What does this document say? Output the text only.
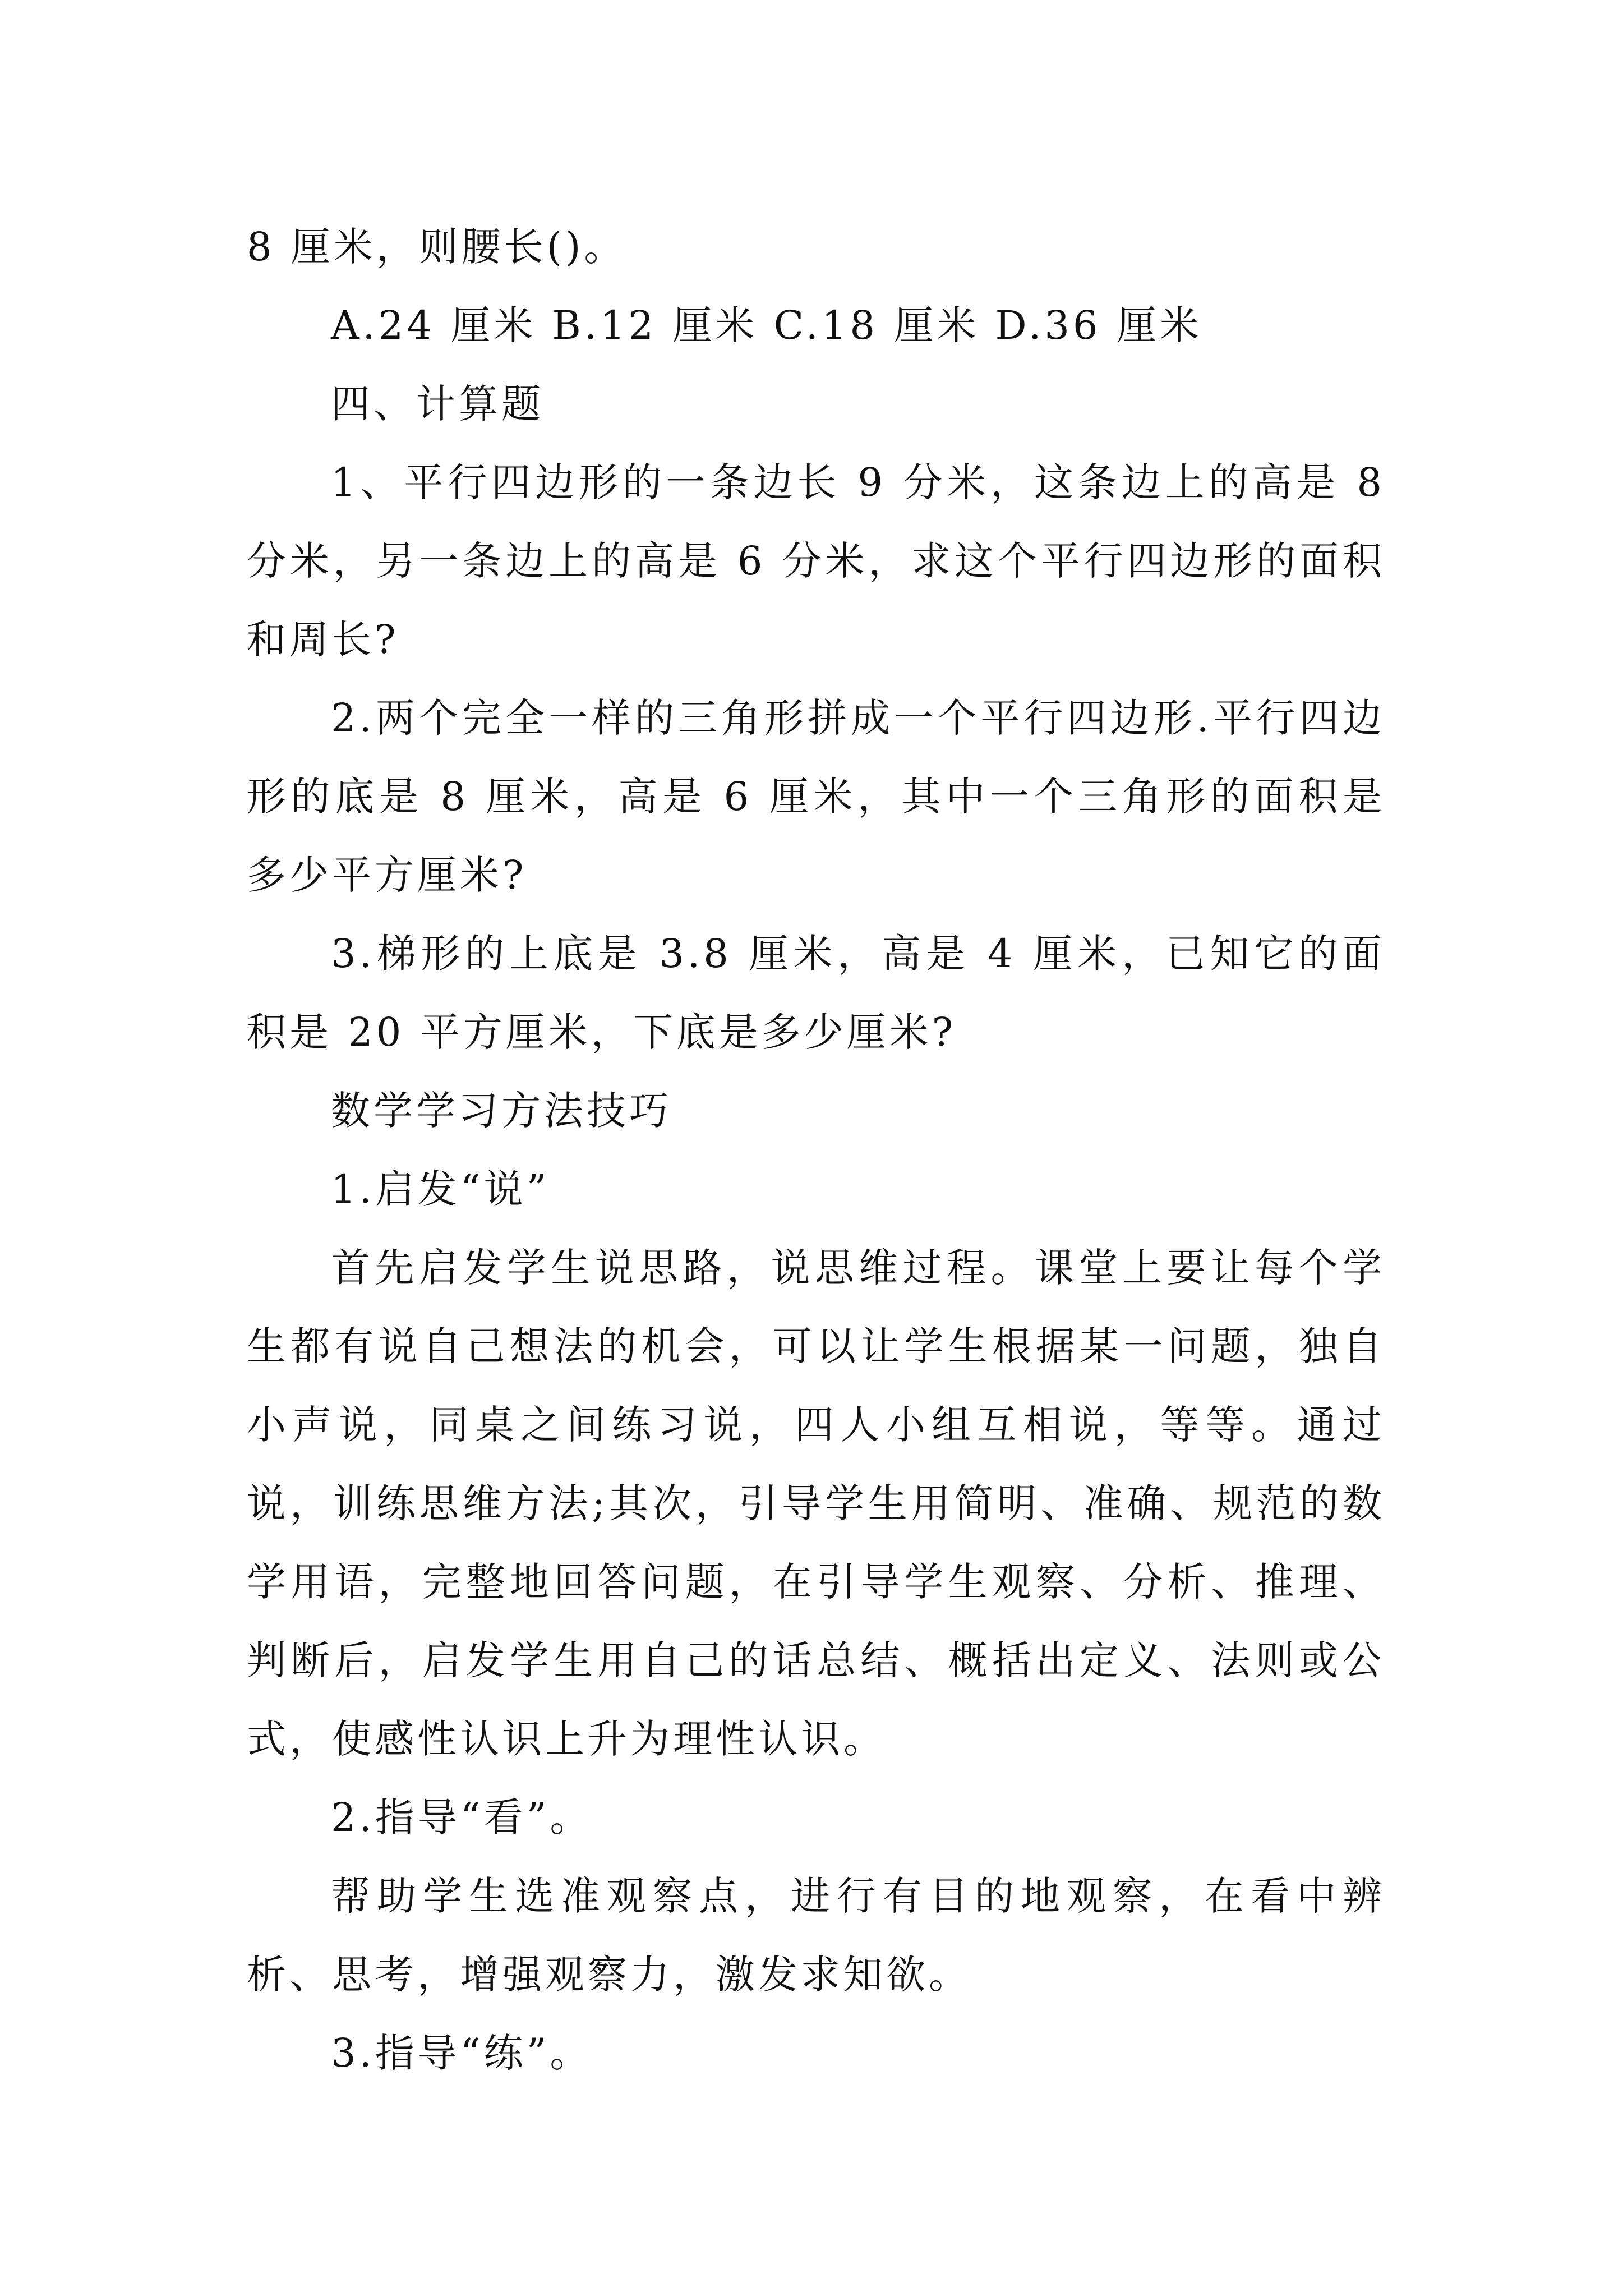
8 厘米，则腰长()。

A.24 厘米 B.12 厘米 C.18 厘米 D.36 厘米

四、计算题

1、平行四边形的一条边长 9 分米，这条边上的高是 8 分米，另一条边上的高是 6 分米，求这个平行四边形的面积和周长?

2.两个完全一样的三角形拼成一个平行四边形.平行四边形的底是 8 厘米，高是 6 厘米，其中一个三角形的面积是多少平方厘米?

3.梯形的上底是 3.8 厘米，高是 4 厘米，已知它的面积是 20 平方厘米，下底是多少厘米?

数学学习方法技巧

1.启发“说”

首先启发学生说思路，说思维过程。课堂上要让每个学生都有说自己想法的机会，可以让学生根据某一问题，独自小声说，同桌之间练习说，四人小组互相说，等等。通过说，训练思维方法;其次，引导学生用简明、准确、规范的数学用语，完整地回答问题，在引导学生观察、分析、推理、判断后，启发学生用自己的话总结、概括出定义、法则或公式，使感性认识上升为理性认识。

2.指导“看”。

帮助学生选准观察点，进行有目的地观察，在看中辨析、思考，增强观察力，激发求知欲。

3.指导“练”。
